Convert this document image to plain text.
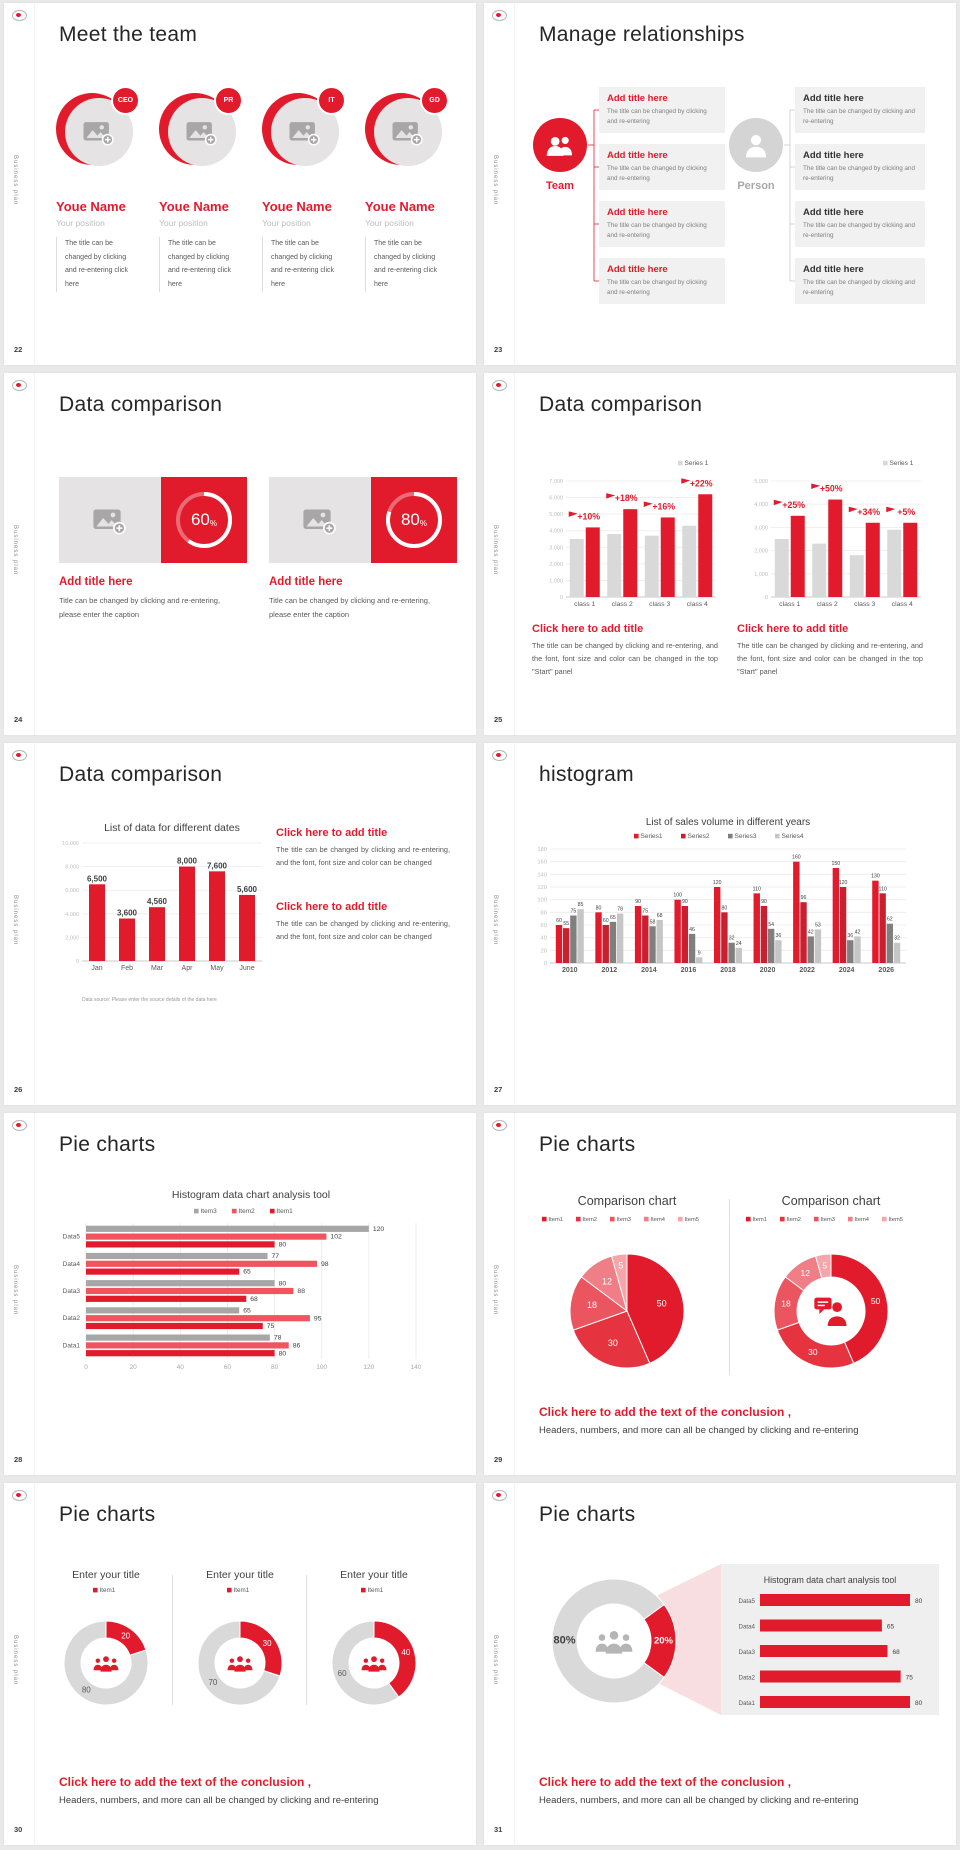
Business plan
Meet the team
CEO
Youe Name
Your position
The title can be changed by clicking and re-entering click here
PR
Youe Name
Your position
The title can be changed by clicking and re-entering click here
IT
Youe Name
Your position
The title can be changed by clicking and re-entering click here
GD
Youe Name
Your position
The title can be changed by clicking and re-entering click here
22
Business plan
Manage relationships
Team	Person
Add title here
The title can be changed by clicking and re-entering
Add title here
The title can be changed by clicking and re-entering
Add title here
The title can be changed by clicking and re-entering
Add title here
The title can be changed by clicking and re-entering
Add title here
The title can be changed by clicking and re-entering
Add title here
The title can be changed by clicking and re-entering
Add title here
The title can be changed by clicking and re-entering
Add title here
The title can be changed by clicking and re-entering
23
Business plan
Data comparison
60 %
Add title here
Title can be changed by clicking and re-entering, please enter the caption
80 %
Add title here
Title can be changed by clicking and re-entering, please enter the caption
24
Business plan
Data comparison
Series 1
0
1,000
2,000
3,000
4,000
5,000
6,000
7,000
+10%
class 1
+18%
class 2
+16%
class 3
+22%
class 4
Series 1
0
1,000
2,000
3,000
4,000
5,000
+25%
class 1
+50%
class 2
+34%
class 3
+5%
class 4
Click here to add title
The title can be changed by clicking and re-entering, and the font, font size and color can be changed in the top "Start" panel
Click here to add title
The title can be changed by clicking and re-entering, and the font, font size and color can be changed in the top "Start" panel
25
Business plan
Data comparison
List of data for different dates
0
2,000
4,000
6,000
8,000
10,000
6,500
Jan
3,600
Feb
4,560
Mar
8,000
Apr
7,600
May
5,600
June
Data source: Please enter the source details of the data here
Click here to add title
The title can be changed by clicking and re-entering, and the font, font size and color can be changed
Click here to add title
The title can be changed by clicking and re-entering, and the font, font size and color can be changed
26
Business plan
histogram
List of sales volume in different years
Series1	Series2	Series3	Series4
0
20
40
60
80
100
120
140
160
180
60
55
75
85
2010
80
60
65
78
2012
90
75
58
68
2014
100
90
46
9
2016
120
80
32
24
2018
110
90
54
36
2020
160
96
42
53
2022
150
120
36
42
2024
130
110
62
32
2026
27
Business plan
Pie charts
Histogram data chart analysis tool
Item3	Item2	Item1
0	20	40	60	80	100	120	140
Data5
120
102
80
Data4
77
98
65
Data3
80
88
68
Data2
65
95
75
Data1
78
86
80
28
Business plan
Pie charts
Comparison chart
Item1	Item2	Item3	Item4	Item5
50
30
18
12
5
Comparison chart
Item1	Item2	Item3	Item4	Item5
50
30
18
12
5
Click here to add the text of the conclusion ,
Headers, numbers, and more can all be changed by clicking and re-entering
29
Business plan
Pie charts
Enter your title
Item1
20
80
Enter your title
Item1
30
70
Enter your title
Item1
40
60
Click here to add the text of the conclusion ,
Headers, numbers, and more can all be changed by clicking and re-entering
30
Business plan
Pie charts
Histogram data chart analysis tool
Data5	80
Data4	65
Data3	68
Data2	75
Data1	80
20%
80%
Click here to add the text of the conclusion ,
Headers, numbers, and more can all be changed by clicking and re-entering
31
